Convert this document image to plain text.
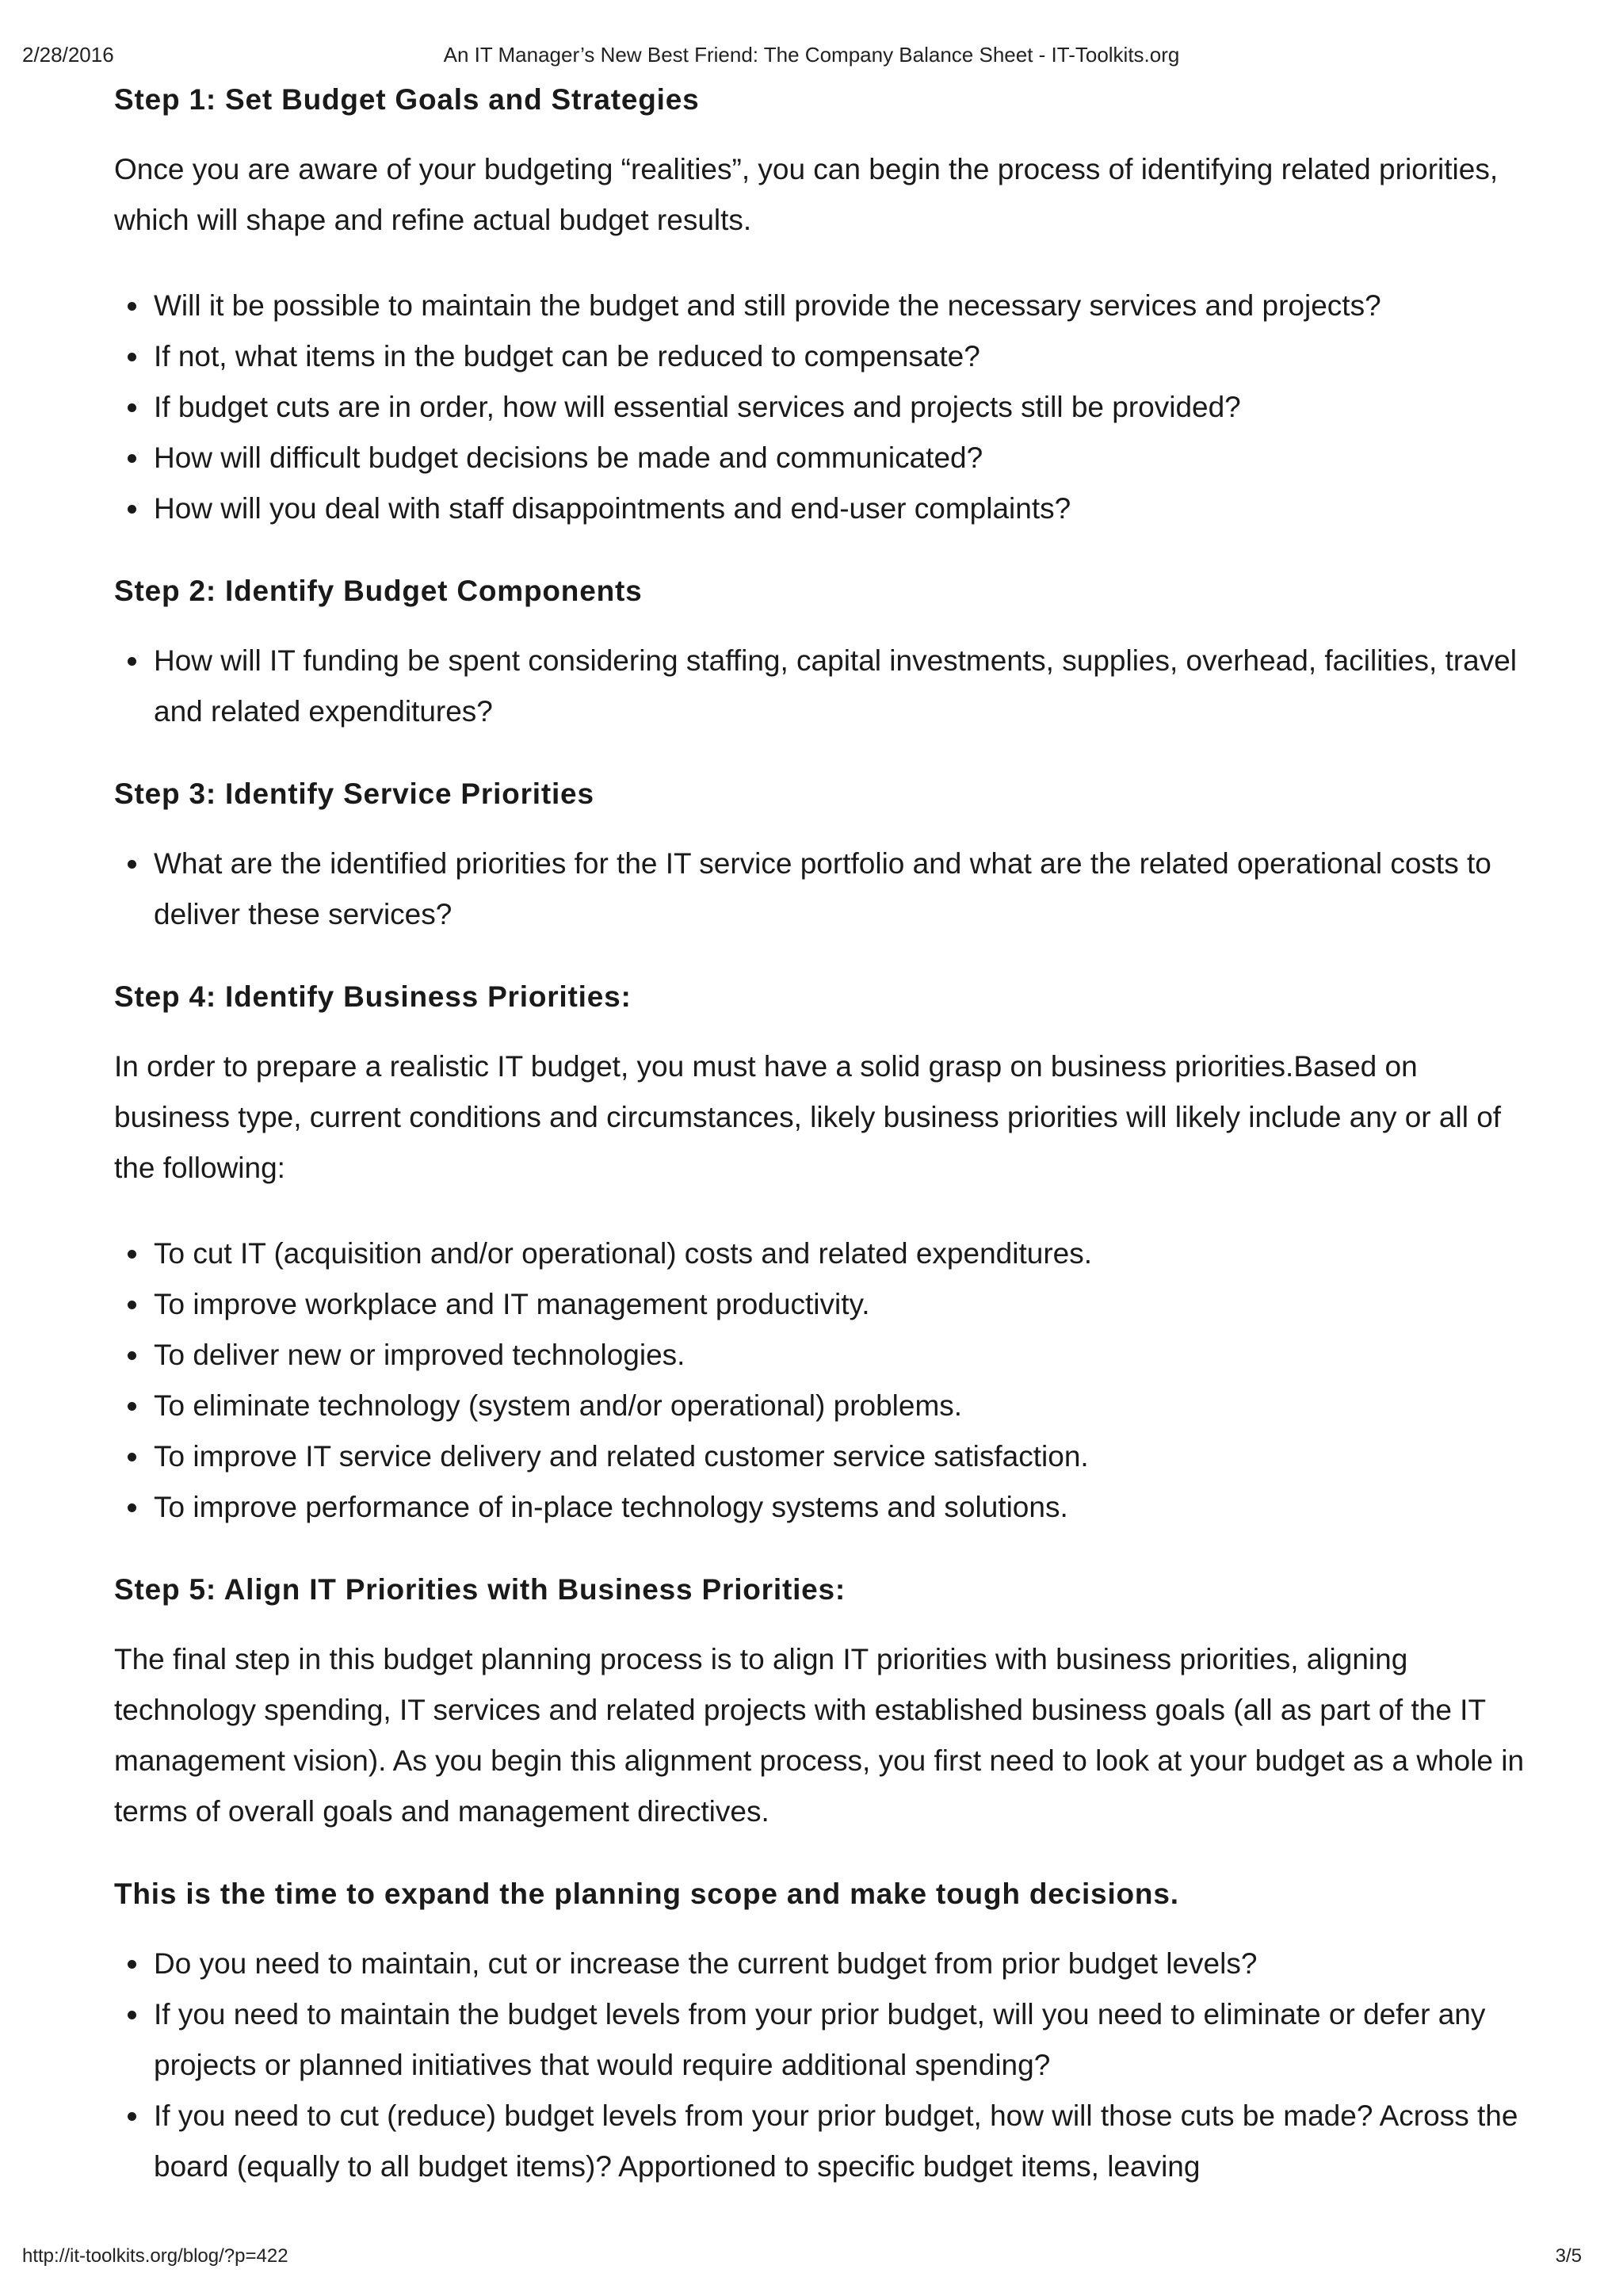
2/28/2016	An IT Manager’s New Best Friend: The Company Balance Sheet - IT-Toolkits.org
Step 1: Set Budget Goals and Strategies

Once you are aware of your budgeting “realities”, you can begin the process of identifying related priorities, which will shape and refine actual budget results.

Will it be possible to maintain the budget and still provide the necessary services and projects?
If not, what items in the budget can be reduced to compensate?
If budget cuts are in order, how will essential services and projects still be provided?
How will difficult budget decisions be made and communicated?
How will you deal with staff disappointments and end-user complaints?
Step 2: Identify Budget Components
How will IT funding be spent considering staffing, capital investments, supplies, overhead, facilities, travel and related expenditures?
Step 3: Identify Service Priorities
What are the identified priorities for the IT service portfolio and what are the related operational costs to deliver these services?
Step 4: Identify Business Priorities:

In order to prepare a realistic IT budget, you must have a solid grasp on business priorities.Based on business type, current conditions and circumstances, likely business priorities will likely include any or all of the following:

To cut IT (acquisition and/or operational) costs and related expenditures.
To improve workplace and IT management productivity.
To deliver new or improved technologies.
To eliminate technology (system and/or operational) problems.
To improve IT service delivery and related customer service satisfaction.
To improve performance of in-place technology systems and solutions.
Step 5: Align IT Priorities with Business Priorities:

The final step in this budget planning process is to align IT priorities with business priorities, aligning technology spending, IT services and related projects with established business goals (all as part of the IT management vision). As you begin this alignment process, you first need to look at your budget as a whole in terms of overall goals and management directives.

This is the time to expand the planning scope and make tough decisions.
Do you need to maintain, cut or increase the current budget from prior budget levels?
If you need to maintain the budget levels from your prior budget, will you need to eliminate or defer any projects or planned initiatives that would require additional spending?
If you need to cut (reduce) budget levels from your prior budget, how will those cuts be made? Across the board (equally to all budget items)? Apportioned to specific budget items, leaving
http://it-toolkits.org/blog/?p=422	3/5
